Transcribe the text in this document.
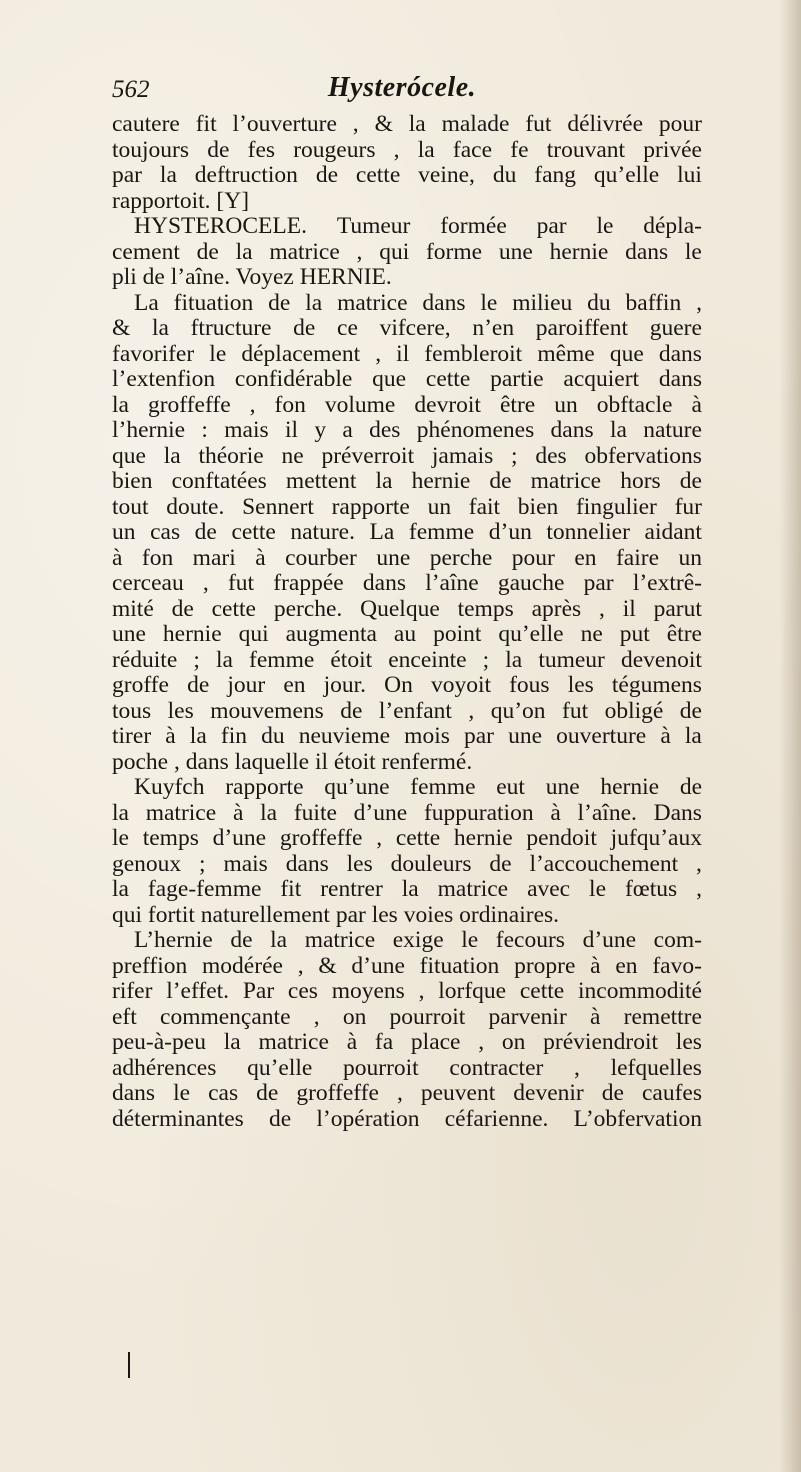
562	Hysterócele.
cautere fit l’ouverture , & la malade fut délivrée pour
toujours de fes rougeurs , la face fe trouvant privée
par la deftruction de cette veine, du fang qu’elle lui
rapportoit. [Y]
HYSTEROCELE. Tumeur formée par le dépla-
cement de la matrice , qui forme une hernie dans le
pli de l’aîne. Voyez HERNIE.
La fituation de la matrice dans le milieu du baffin ,
& la ftructure de ce vifcere, n’en paroiffent guere
favorifer le déplacement , il fembleroit même que dans
l’extenfion confidérable que cette partie acquiert dans
la groffeffe , fon volume devroit être un obftacle à
l’hernie : mais il y a des phénomenes dans la nature
que la théorie ne préverroit jamais ; des obfervations
bien conftatées mettent la hernie de matrice hors de
tout doute. Sennert rapporte un fait bien fingulier fur
un cas de cette nature. La femme d’un tonnelier aidant
à fon mari à courber une perche pour en faire un
cerceau , fut frappée dans l’aîne gauche par l’extrê-
mité de cette perche. Quelque temps après , il parut
une hernie qui augmenta au point qu’elle ne put être
réduite ; la femme étoit enceinte ; la tumeur devenoit
groffe de jour en jour. On voyoit fous les tégumens
tous les mouvemens de l’enfant , qu’on fut obligé de
tirer à la fin du neuvieme mois par une ouverture à la
poche , dans laquelle il étoit renfermé.
Kuyfch rapporte qu’une femme eut une hernie de
la matrice à la fuite d’une fuppuration à l’aîne. Dans
le temps d’une groffeffe , cette hernie pendoit jufqu’aux
genoux ; mais dans les douleurs de l’accouchement ,
la fage-femme fit rentrer la matrice avec le fœtus ,
qui fortit naturellement par les voies ordinaires.
L’hernie de la matrice exige le fecours d’une com-
preffion modérée , & d’une fituation propre à en favo-
rifer l’effet. Par ces moyens , lorfque cette incommodité
eft commençante , on pourroit parvenir à remettre
peu-à-peu la matrice à fa place , on préviendroit les
adhérences qu’elle pourroit contracter , lefquelles
dans le cas de groffeffe , peuvent devenir de caufes
déterminantes de l’opération céfarienne. L’obfervation
